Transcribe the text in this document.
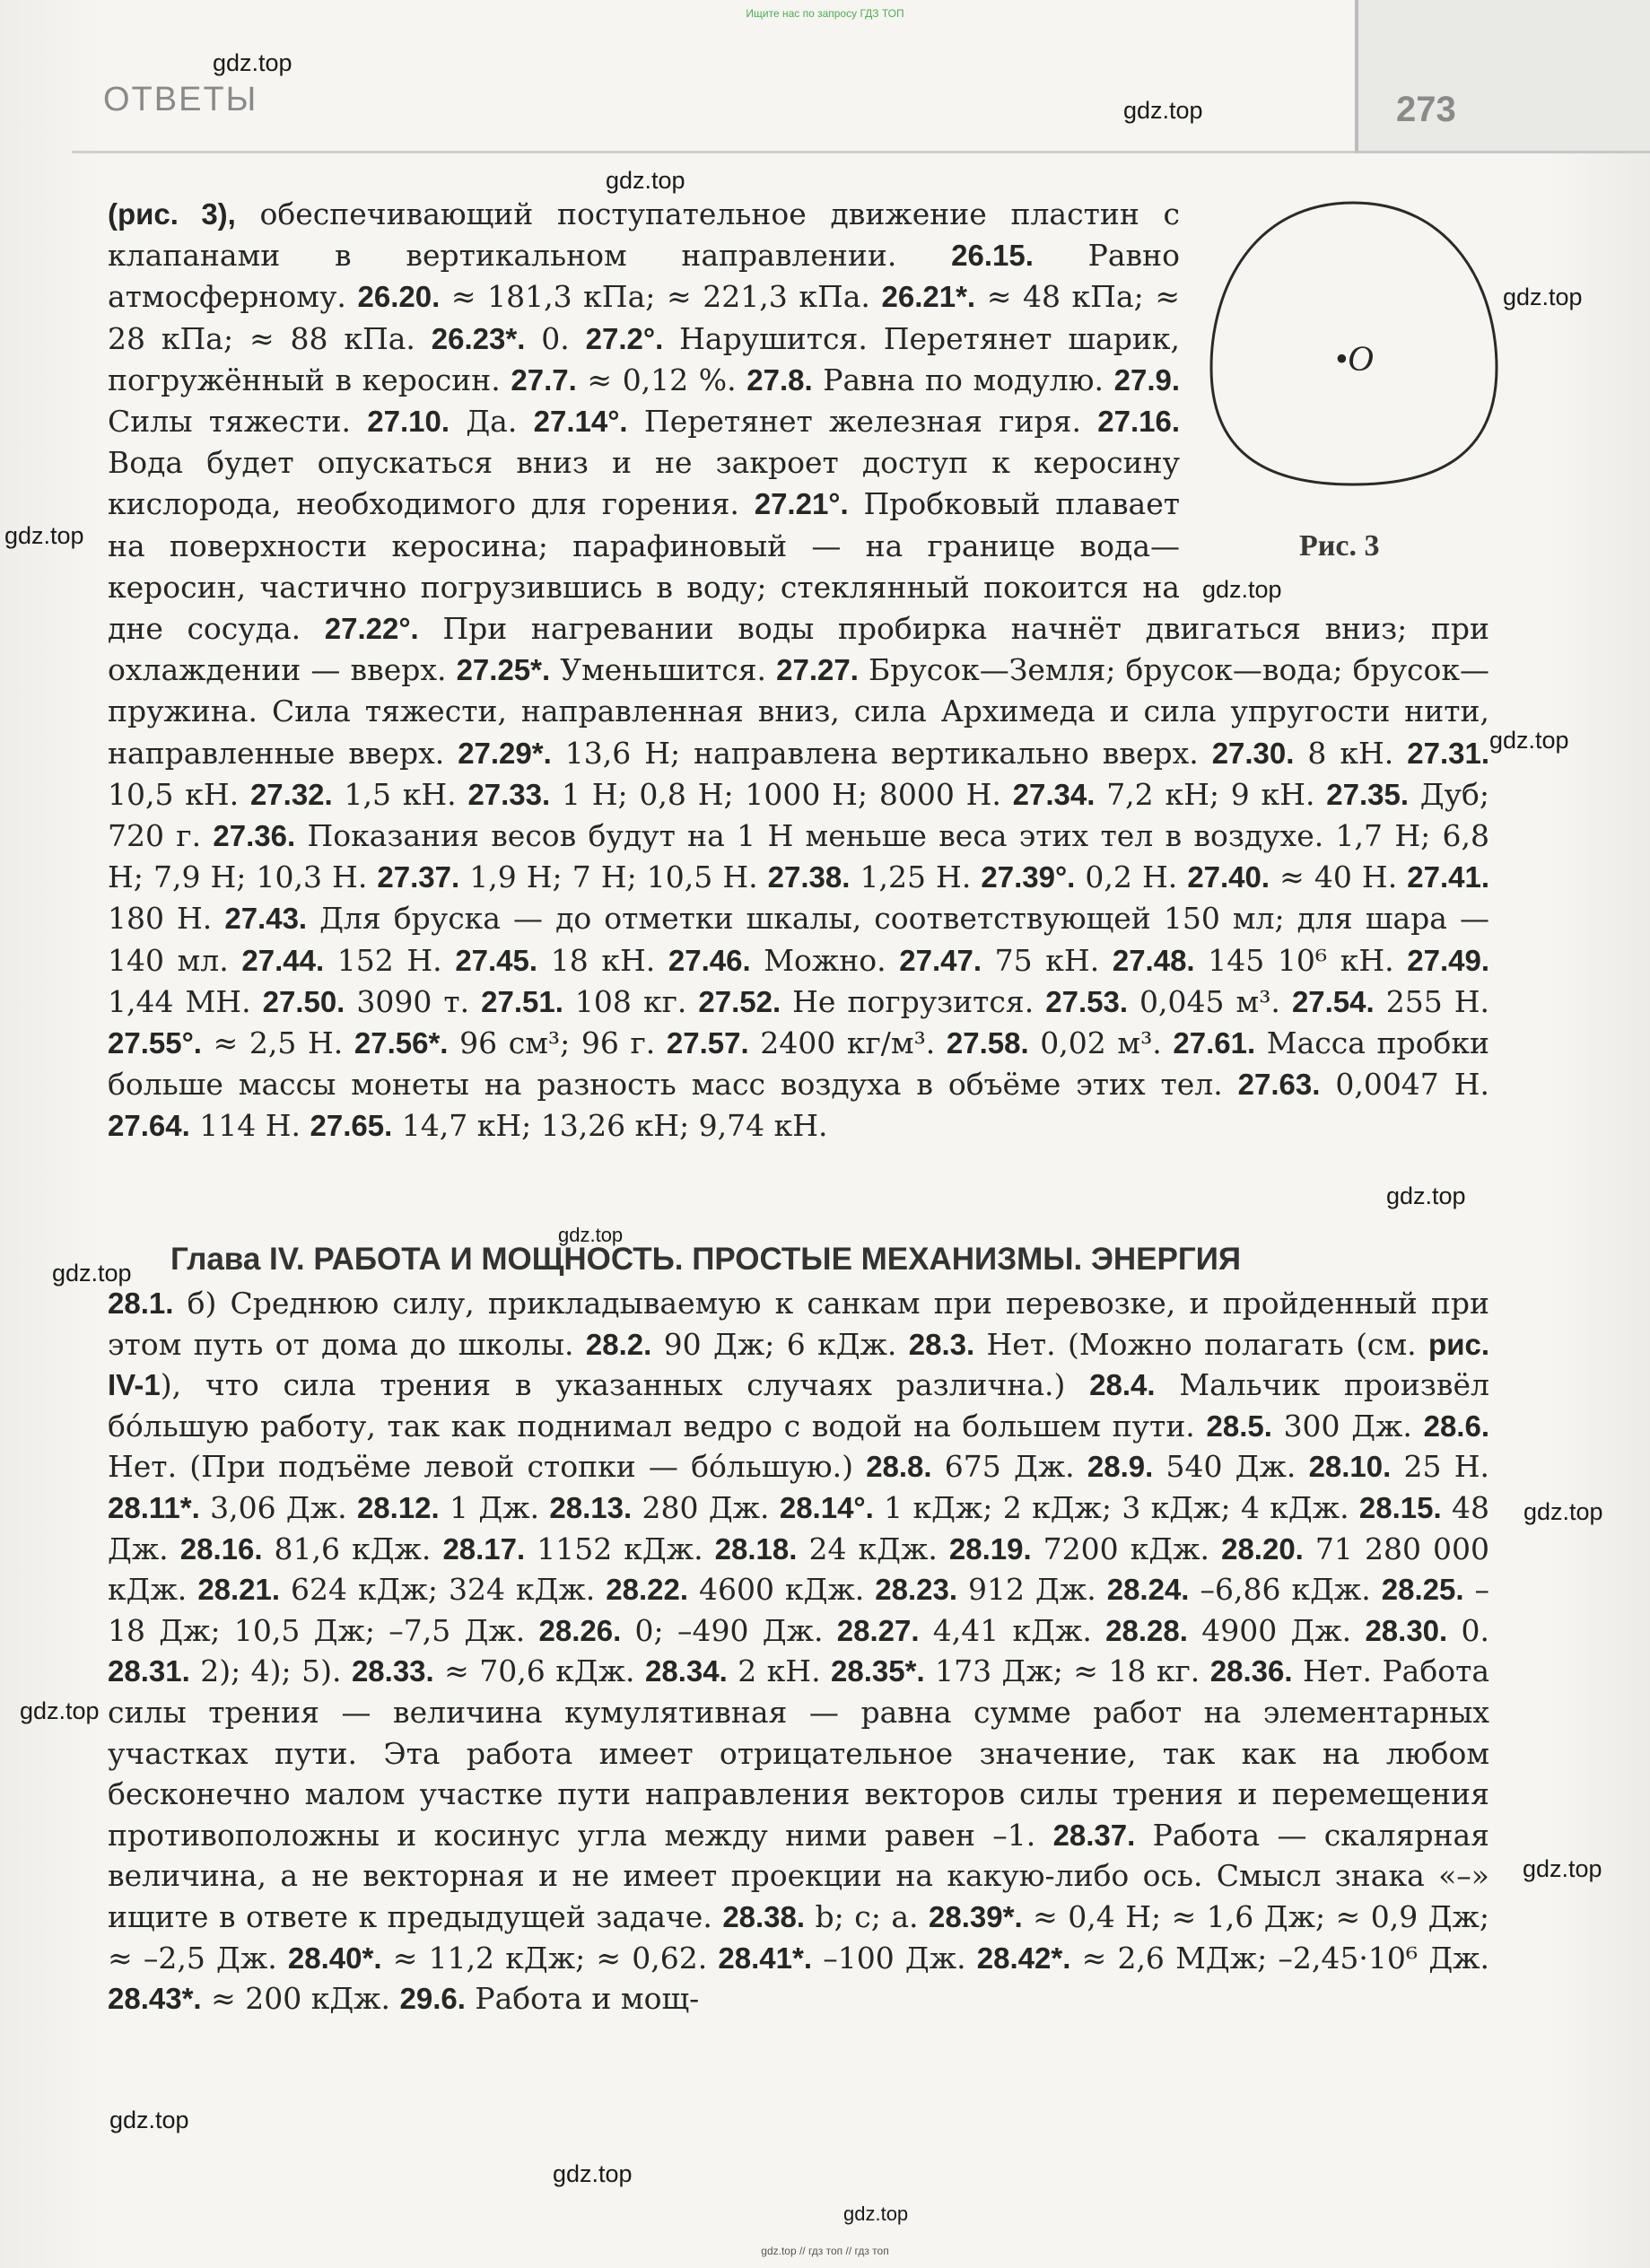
Ищите нас по запросу ГДЗ ТОП
ОТВЕТЫ	273
gdz.top
gdz.top
gdz.top
gdz.top
gdz.top
gdz.top
gdz.top
gdz.top
gdz.top
gdz.top
gdz.top
gdz.top
gdz.top
gdz.top
gdz.top
gdz.top
•O
Рис. 3
(рис. 3), обеспечивающий поступательное движение пластин с клапанами в вертикальном направлении. 26.15. Равно атмосферному. 26.20. ≈ 181,3 кПа; ≈ 221,3 кПа. 26.21*. ≈ 48 кПа; ≈ 28 кПа; ≈ 88 кПа. 26.23*. 0. 27.2°. Нарушится. Перетянет шарик, погружённый в керосин. 27.7. ≈ 0,12 %. 27.8. Равна по модулю. 27.9. Силы тяжести. 27.10. Да. 27.14°. Перетянет железная гиря. 27.16. Вода будет опускаться вниз и не закроет доступ к керосину кислорода, необходимого для горения. 27.21°. Пробковый плавает на поверхности керосина; парафиновый — на границе вода—керосин, частично погрузившись в воду; стеклянный покоится на дне сосуда. 27.22°. При нагревании воды пробирка начнёт двигаться вниз; при охлаждении — вверх. 27.25*. Уменьшится. 27.27. Брусок—Земля; брусок—вода; брусок—пружина. Сила тяжести, направленная вниз, сила Архимеда и сила упругости нити, направленные вверх. 27.29*. 13,6 Н; направлена вертикально вверх. 27.30. 8 кН. 27.31. 10,5 кН. 27.32. 1,5 кН. 27.33. 1 Н; 0,8 Н; 1000 Н; 8000 Н. 27.34. 7,2 кН; 9 кН. 27.35. Дуб; 720 г. 27.36. Показания весов будут на 1 Н меньше веса этих тел в воздухе. 1,7 Н; 6,8 Н; 7,9 Н; 10,3 Н. 27.37. 1,9 Н; 7 Н; 10,5 Н. 27.38. 1,25 Н. 27.39°. 0,2 Н. 27.40. ≈ 40 Н. 27.41. 180 Н. 27.43. Для бруска — до отметки шкалы, соответствующей 150 мл; для шара — 140 мл. 27.44. 152 Н. 27.45. 18 кН. 27.46. Можно. 27.47. 75 кН. 27.48. 145 10⁶ кН. 27.49. 1,44 МН. 27.50. 3090 т. 27.51. 108 кг. 27.52. Не погрузится. 27.53. 0,045 м³. 27.54. 255 Н. 27.55°. ≈ 2,5 Н. 27.56*. 96 см³; 96 г. 27.57. 2400 кг/м³. 27.58. 0,02 м³. 27.61. Масса пробки больше массы монеты на разность масс воздуха в объёме этих тел. 27.63. 0,0047 Н. 27.64. 114 Н. 27.65. 14,7 кН; 13,26 кН; 9,74 кН.
Глава IV. РАБОТА И МОЩНОСТЬ. ПРОСТЫЕ МЕХАНИЗМЫ. ЭНЕРГИЯ
28.1. б) Среднюю силу, прикладываемую к санкам при перевозке, и пройденный при этом путь от дома до школы. 28.2. 90 Дж; 6 кДж. 28.3. Нет. (Можно полагать (см. рис. IV-1), что сила трения в указанных случаях различна.) 28.4. Мальчик произвёл бо́льшую работу, так как поднимал ведро с водой на большем пути. 28.5. 300 Дж. 28.6. Нет. (При подъёме левой стопки — бо́льшую.) 28.8. 675 Дж. 28.9. 540 Дж. 28.10. 25 Н. 28.11*. 3,06 Дж. 28.12. 1 Дж. 28.13. 280 Дж. 28.14°. 1 кДж; 2 кДж; 3 кДж; 4 кДж. 28.15. 48 Дж. 28.16. 81,6 кДж. 28.17. 1152 кДж. 28.18. 24 кДж. 28.19. 7200 кДж. 28.20. 71 280 000 кДж. 28.21. 624 кДж; 324 кДж. 28.22. 4600 кДж. 28.23. 912 Дж. 28.24. –6,86 кДж. 28.25. –18 Дж; 10,5 Дж; –7,5 Дж. 28.26. 0; –490 Дж. 28.27. 4,41 кДж. 28.28. 4900 Дж. 28.30. 0. 28.31. 2); 4); 5). 28.33. ≈ 70,6 кДж. 28.34. 2 кН. 28.35*. 173 Дж; ≈ 18 кг. 28.36. Нет. Работа силы трения — величина кумулятивная — равна сумме работ на элементарных участках пути. Эта работа имеет отрицательное значение, так как на любом бесконечно малом участке пути направления векторов силы трения и перемещения противоположны и косинус угла между ними равен –1. 28.37. Работа — скалярная величина, а не векторная и не имеет проекции на какую-либо ось. Смысл знака «–» ищите в ответе к предыдущей задаче. 28.38. b; c; a. 28.39*. ≈ 0,4 Н; ≈ 1,6 Дж; ≈ 0,9 Дж; ≈ –2,5 Дж. 28.40*. ≈ 11,2 кДж; ≈ 0,62. 28.41*. –100 Дж. 28.42*. ≈ 2,6 МДж; –2,45·10⁶ Дж. 28.43*. ≈ 200 кДж. 29.6. Работа и мощ-
gdz.top // гдз топ // гдз топ
